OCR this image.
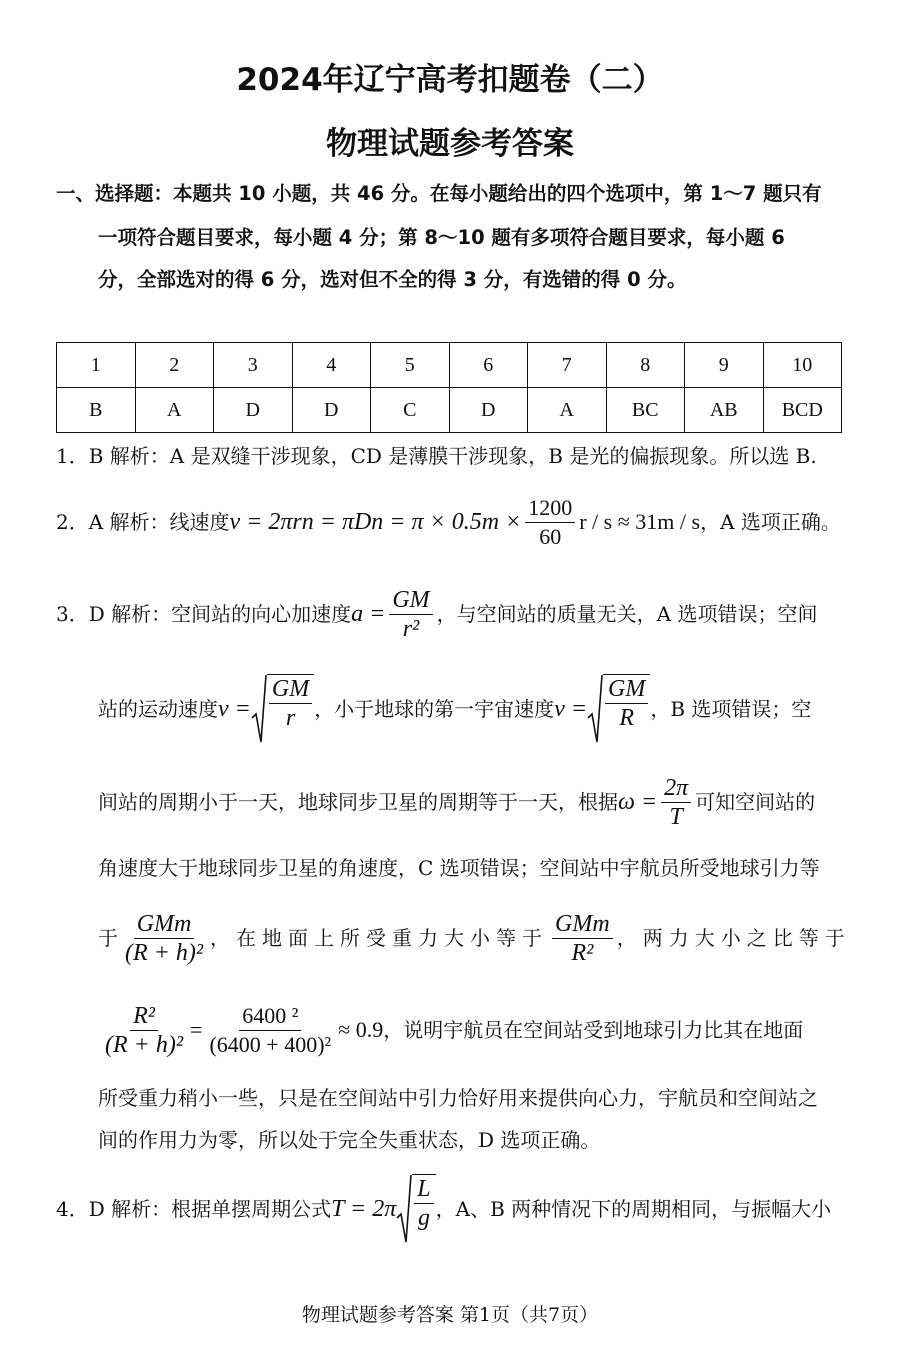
2024年辽宁高考扣题卷（二）
物理试题参考答案
一、选择题：本题共 10 小题，共 46 分。在每小题给出的四个选项中，第 1～7 题只有
一项符合题目要求，每小题 4 分；第 8～10 题有多项符合题目要求，每小题 6
分，全部选对的得 6 分，选对但不全的得 3 分，有选错的得 0 分。
1	2	3	4	5	6	7	8	9	10
B	A	D	D	C	D	A	BC	AB	BCD
1．B 解析：A 是双缝干涉现象，CD 是薄膜干涉现象，B 是光的偏振现象。所以选 B.
2．A 解析：线速度 $v = 2\pi rn = \pi Dn = \pi \times 0.5m \times \frac{1200}{60}$ r / s ≈ 31m / s ，A 选项正确。
3．D 解析：空间站的向心加速度 $a = \frac{GM}{\text{r²}}$ ，与空间站的质量无关，A 选项错误；空间
站的运动速度 $v = \frac{GM}{r}$ ，小于地球的第一宇宙速度 $v = \frac{GM}{R}$ ，B 选项错误；空
间站的周期小于一天，地球同步卫星的周期等于一天，根据 $\omega = \frac{2\pi}{T}$ 可知空间站的
角速度大于地球同步卫星的角速度，C 选项错误；空间站中宇航员所受地球引力等
于 $\frac{\text{GMm}}{\text{(R + h)²}}$ ，在地面上所受重力大小等于 $\frac{\text{GMm}}{\text{R²}}$ ，两力大小之比等于
$\frac{\text{R²}}{\text{(R + h)²}} = \frac{\text{6400 ²}}{\text{(6400 + 400)²}} \approx 0.9$ ，说明宇航员在空间站受到地球引力比其在地面
所受重力稍小一些，只是在空间站中引力恰好用来提供向心力，宇航员和空间站之
间的作用力为零，所以处于完全失重状态，D 选项正确。
4．D 解析：根据单摆周期公式 $T = 2\pi \frac{L}{g}$ ，A、B 两种情况下的周期相同，与振幅大小
物理试题参考答案 第1页（共7页）
